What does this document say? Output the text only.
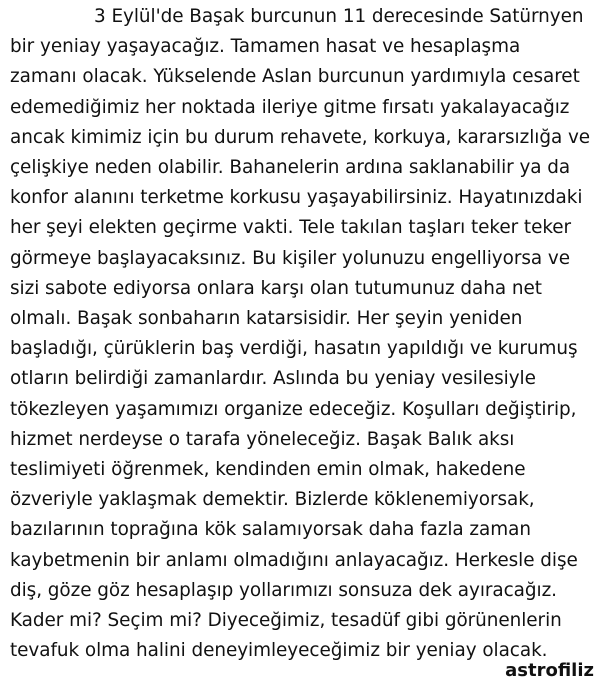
3 Eylül'de Başak burcunun 11 derecesinde Satürnyen
bir yeniay yaşayacağız. Tamamen hasat ve hesaplaşma
zamanı olacak. Yükselende Aslan burcunun yardımıyla cesaret
edemediğimiz her noktada ileriye gitme fırsatı yakalayacağız
ancak kimimiz için bu durum rehavete, korkuya, kararsızlığa ve
çelişkiye neden olabilir. Bahanelerin ardına saklanabilir ya da
konfor alanını terketme korkusu yaşayabilirsiniz. Hayatınızdaki
her şeyi elekten geçirme vakti. Tele takılan taşları teker teker
görmeye başlayacaksınız. Bu kişiler yolunuzu engelliyorsa ve
sizi sabote ediyorsa onlara karşı olan tutumunuz daha net
olmalı. Başak sonbaharın katarsisidir. Her şeyin yeniden
başladığı, çürüklerin baş verdiği, hasatın yapıldığı ve kurumuş
otların belirdiği zamanlardır. Aslında bu yeniay vesilesiyle
tökezleyen yaşamımızı organize edeceğiz. Koşulları değiştirip,
hizmet nerdeyse o tarafa yöneleceğiz. Başak Balık aksı
teslimiyeti öğrenmek, kendinden emin olmak, hakedene
özveriyle yaklaşmak demektir. Bizlerde köklenemiyorsak,
bazılarının toprağına kök salamıyorsak daha fazla zaman
kaybetmenin bir anlamı olmadığını anlayacağız. Herkesle dişe
diş, göze göz hesaplaşıp yollarımızı sonsuza dek ayıracağız.
Kader mi? Seçim mi? Diyeceğimiz, tesadüf gibi görünenlerin
tevafuk olma halini deneyimleyeceğimiz bir yeniay olacak.
astrofiliz
